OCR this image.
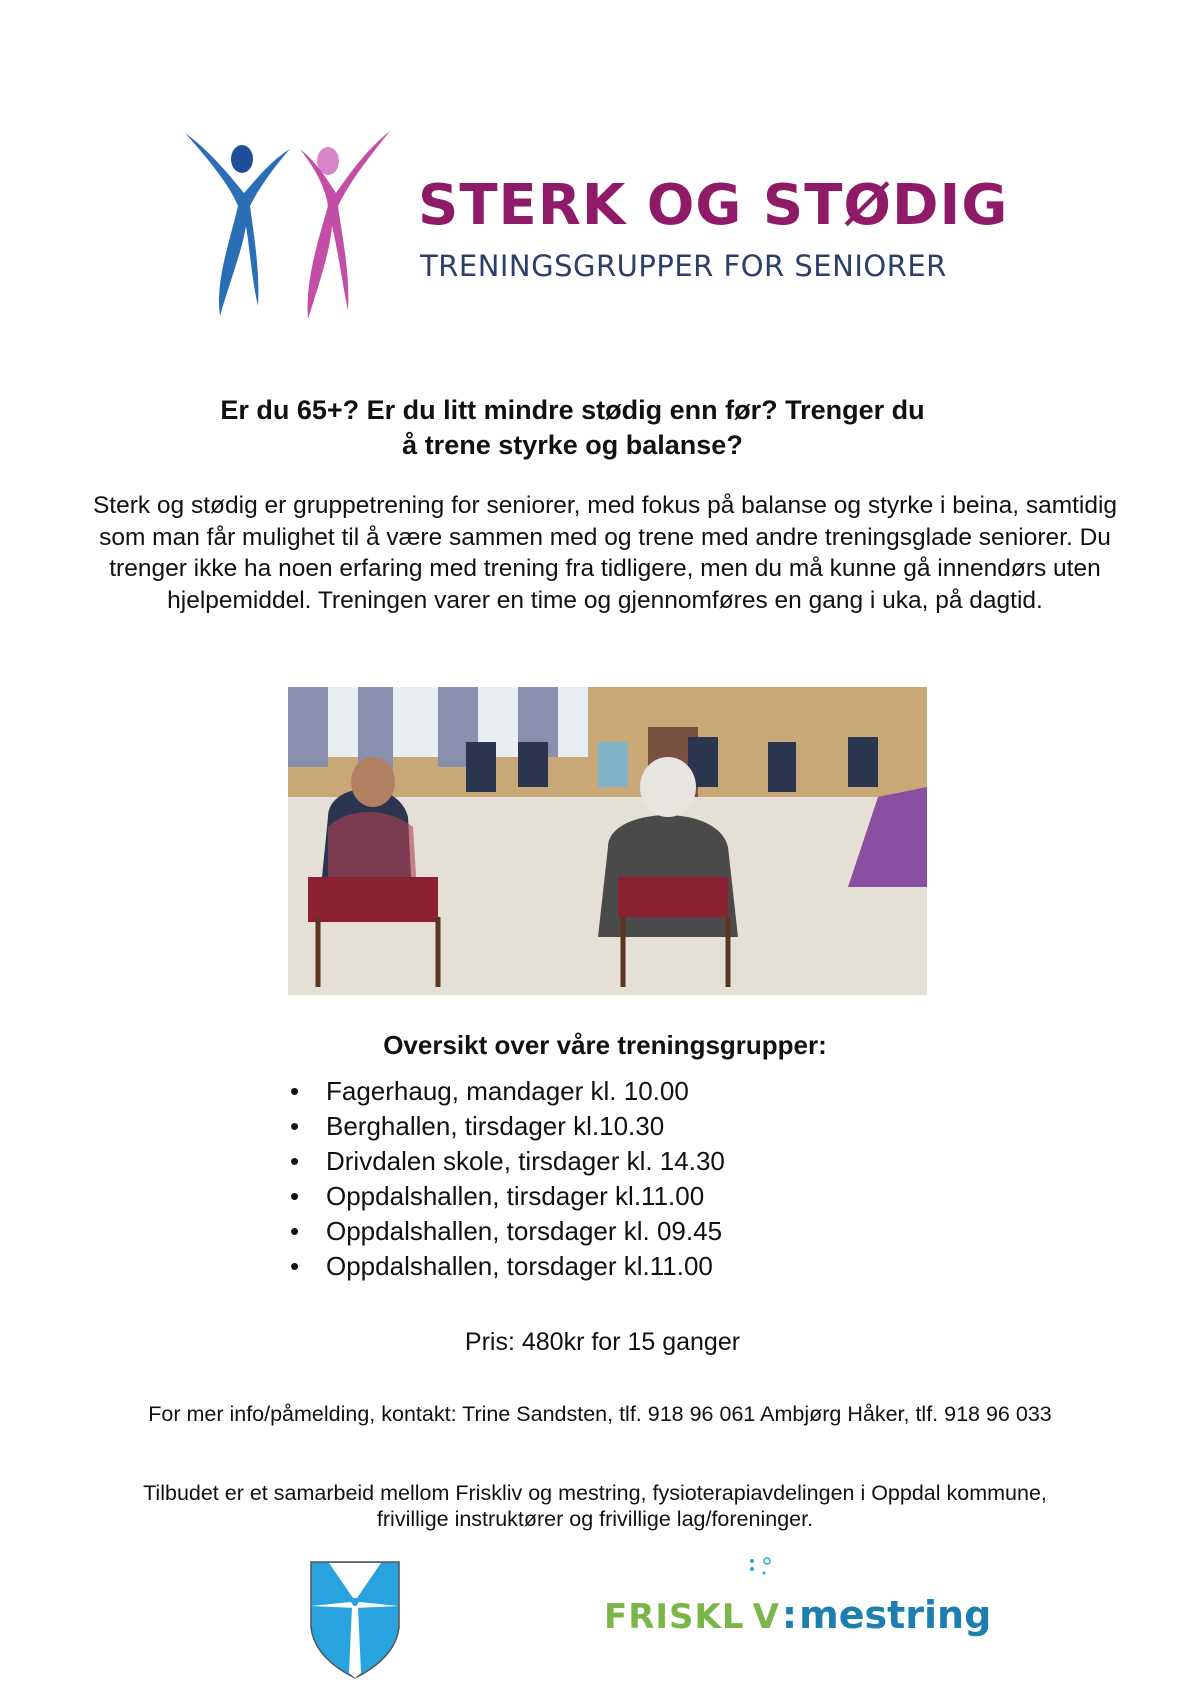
STERK OG STØDIG
TRENINGSGRUPPER FOR SENIORER
Er du 65+? Er du litt mindre stødig enn før? Trenger du
å trene styrke og balanse?
Sterk og stødig er gruppetrening for seniorer, med fokus på balanse og styrke i beina, samtidig som man får mulighet til å være sammen med og trene med andre treningsglade seniorer. Du trenger ikke ha noen erfaring med trening fra tidligere, men du må kunne gå innendørs uten hjelpemiddel. Treningen varer en time og gjennomføres en gang i uka, på dagtid.
Oversikt over våre treningsgrupper:
•	Fagerhaug, mandager kl. 10.00
•	Berghallen, tirsdager kl.10.30
•	Drivdalen skole, tirsdager kl. 14.30
•	Oppdalshallen, tirsdager kl.11.00
•	Oppdalshallen, torsdager kl. 09.45
•	Oppdalshallen, torsdager kl.11.00
Pris: 480kr for 15 ganger
For mer info/påmelding, kontakt: Trine Sandsten, tlf. 918 96 061 Ambjørg Håker, tlf. 918 96 033
Tilbudet er et samarbeid mellom Friskliv og mestring, fysioterapiavdelingen i Oppdal kommune,
frivillige instruktører og frivillige lag/foreninger.
FRISKL V :mestring
